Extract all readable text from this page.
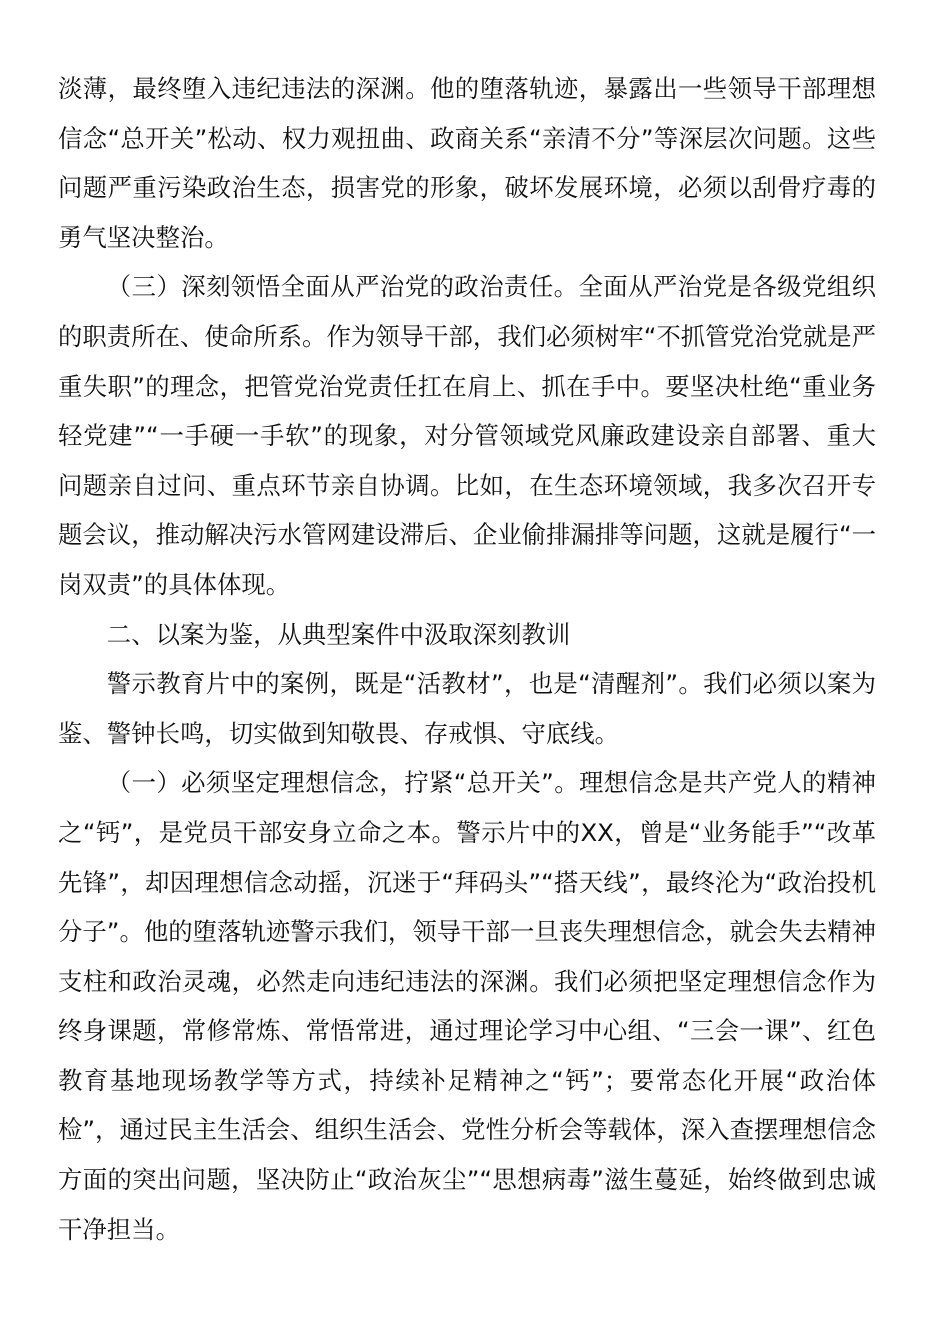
淡薄，最终堕入违纪违法的深渊。他的堕落轨迹，暴露出一些领导干部理想信念“总开关”松动、权力观扭曲、政商关系“亲清不分”等深层次问题。这些问题严重污染政治生态，损害党的形象，破坏发展环境，必须以刮骨疗毒的勇气坚决整治。

（三）深刻领悟全面从严治党的政治责任。全面从严治党是各级党组织的职责所在、使命所系。作为领导干部，我们必须树牢“不抓管党治党就是严重失职”的理念，把管党治党责任扛在肩上、抓在手中。要坚决杜绝“重业务轻党建”“一手硬一手软”的现象，对分管领域党风廉政建设亲自部署、重大问题亲自过问、重点环节亲自协调。比如，在生态环境领域，我多次召开专题会议，推动解决污水管网建设滞后、企业偷排漏排等问题，这就是履行“一岗双责”的具体体现。

二、以案为鉴，从典型案件中汲取深刻教训

警示教育片中的案例，既是“活教材”，也是“清醒剂”。我们必须以案为鉴、警钟长鸣，切实做到知敬畏、存戒惧、守底线。

（一）必须坚定理想信念，拧紧“总开关”。理想信念是共产党人的精神之“钙”，是党员干部安身立命之本。警示片中的XX，曾是“业务能手”“改革先锋”，却因理想信念动摇，沉迷于“拜码头”“搭天线”，最终沦为“政治投机分子”。他的堕落轨迹警示我们，领导干部一旦丧失理想信念，就会失去精神支柱和政治灵魂，必然走向违纪违法的深渊。我们必须把坚定理想信念作为终身课题，常修常炼、常悟常进，通过理论学习中心组、“三会一课”、红色教育基地现场教学等方式，持续补足精神之“钙”；要常态化开展“政治体检”，通过民主生活会、组织生活会、党性分析会等载体，深入查摆理想信念方面的突出问题，坚决防止“政治灰尘”“思想病毒”滋生蔓延，始终做到忠诚干净担当。
